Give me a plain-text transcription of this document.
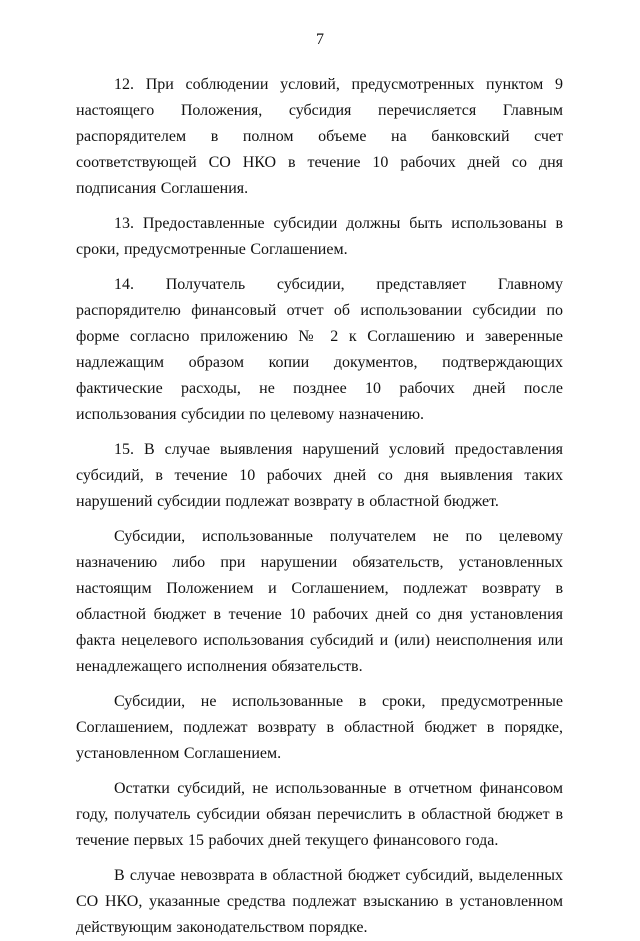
7

12. При соблюдении условий, предусмотренных пунктом 9 настоящего Положения, субсидия перечисляется Главным распорядителем в полном объеме на банковский счет соответствующей СО НКО в течение 10 рабочих дней со дня подписания Соглашения.

13. Предоставленные субсидии должны быть использованы в сроки, предусмотренные Соглашением.

14. Получатель субсидии, представляет Главному распорядителю финансовый отчет об использовании субсидии по форме согласно приложению № 2 к Соглашению и заверенные надлежащим образом копии документов, подтверждающих фактические расходы, не позднее 10 рабочих дней после использования субсидии по целевому назначению.

15. В случае выявления нарушений условий предоставления субсидий, в течение 10 рабочих дней со дня выявления таких нарушений субсидии подлежат возврату в областной бюджет.

Субсидии, использованные получателем не по целевому назначению либо при нарушении обязательств, установленных настоящим Положением и Соглашением, подлежат возврату в областной бюджет в течение 10 рабочих дней со дня установления факта нецелевого использования субсидий и (или) неисполнения или ненадлежащего исполнения обязательств.

Субсидии, не использованные в сроки, предусмотренные Соглашением, подлежат возврату в областной бюджет в порядке, установленном Соглашением.

Остатки субсидий, не использованные в отчетном финансовом году, получатель субсидии обязан перечислить в областной бюджет в течение первых 15 рабочих дней текущего финансового года.

В случае невозврата в областной бюджет субсидий, выделенных СО НКО, указанные средства подлежат взысканию в установленном действующим законодательством порядке.
